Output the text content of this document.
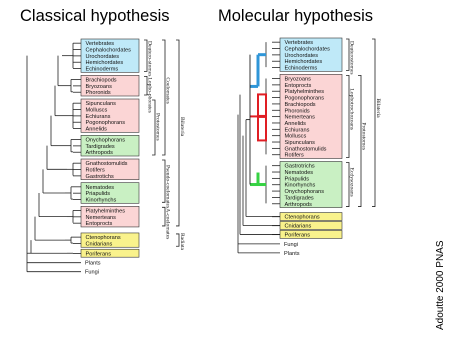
Classical hypothesis	Molecular hypothesis
Vertebrates
Cephalochordates
Urochordates
Hemichordates
Echinoderms
Brachiopods
Bryozoans
Phoronids
Sipunculans
Molluscs
Echiurans
Pogonophorans
Annelids
Onychophorans
Tardigrades
Arthropods
Gnathostomulids
Rotifers
Gastrotichs
Nematodes
Priapulids
Kinorhynchs
Platyhelminthes
Nemerteans
Entoprocts
Ctenophorans
Cnidarians
Poriferans
Plants
Fungi
Deutero-stomes
Lopho-phorates
Protostomes
Coelomates
Pseudo-coelomates
A-coelomates
Bilateria
Radiata
Vertebrates
Cephalochordates
Urochordates
Hemichordates
Echinoderms
Bryozoans
Entoprocts
Platyhelminthes
Pogonophorans
Brachiopods
Phoronids
Nemerteans
Annelids
Echiurans
Molluscs
Sipunculans
Gnathostomulids
Rotifers
Gastrotrichs
Nematodes
Priapulids
Kinorhynchs
Onychophorans
Tardigrades
Arthropods
Ctenophorans
Cnidarians
Poriferans
Fungi
Plants
Deuterostomes
Lophotrochozoans
Ecdysozoans
Protostomes
Bilateria
Adoutte 2000 PNAS
